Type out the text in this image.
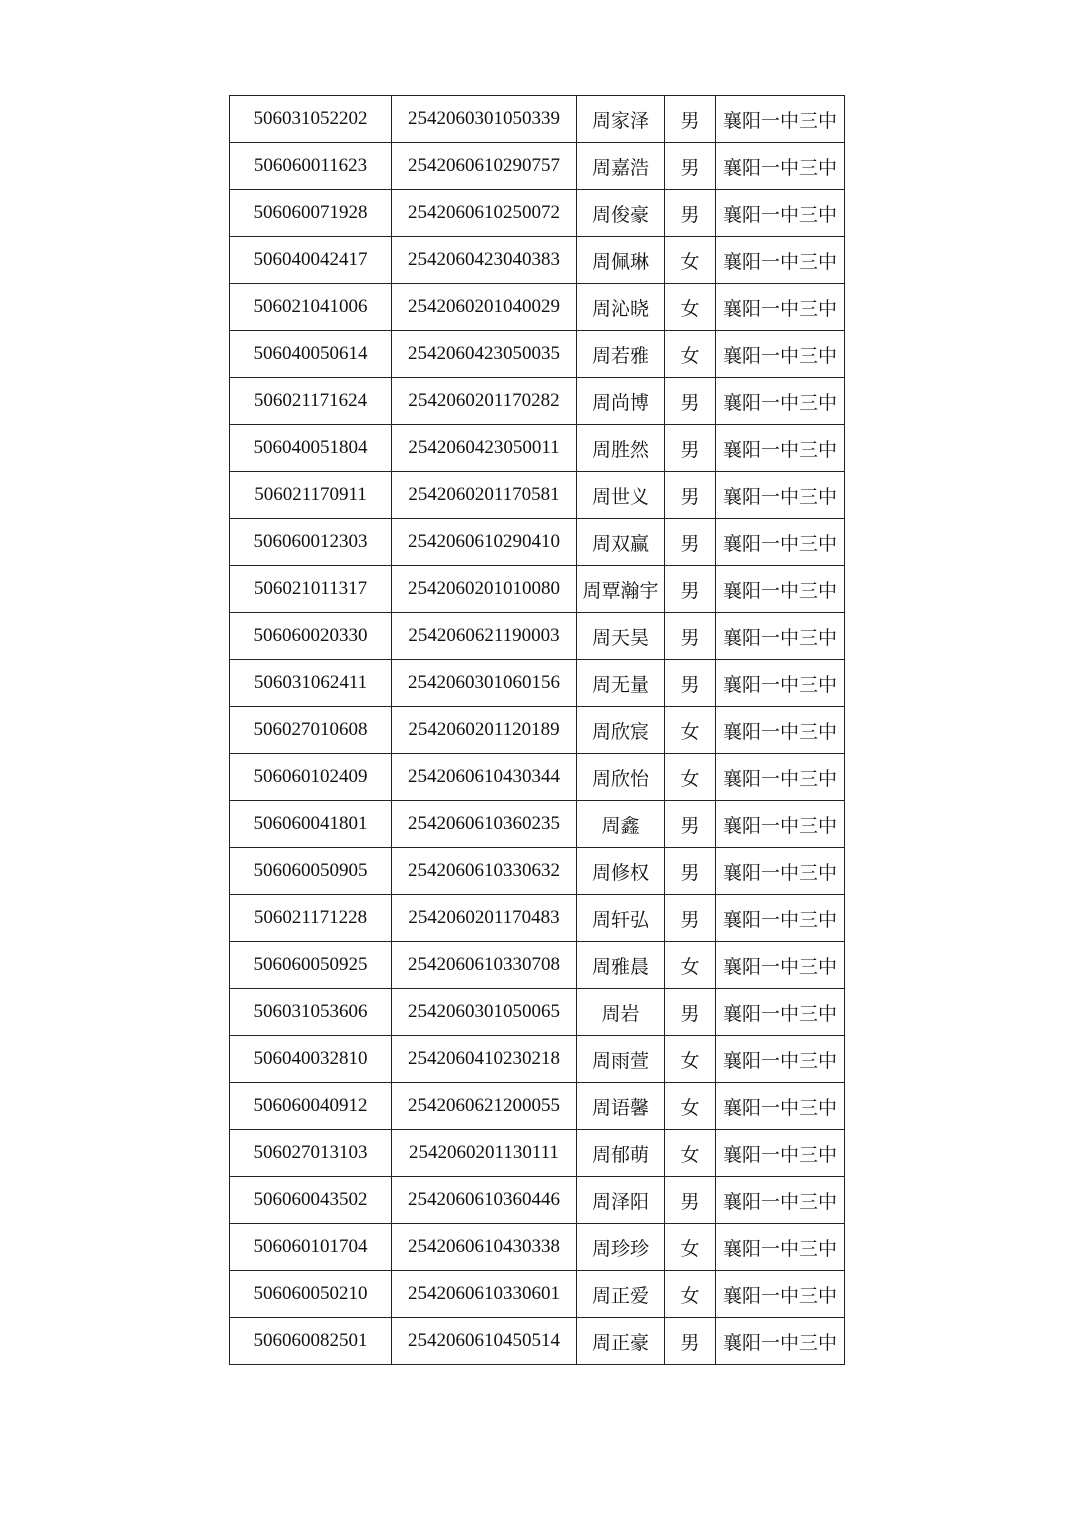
506031052202	2542060301050339	周家泽	男	襄阳一中三中
506060011623	2542060610290757	周嘉浩	男	襄阳一中三中
506060071928	2542060610250072	周俊豪	男	襄阳一中三中
506040042417	2542060423040383	周佩琳	女	襄阳一中三中
506021041006	2542060201040029	周沁晓	女	襄阳一中三中
506040050614	2542060423050035	周若雅	女	襄阳一中三中
506021171624	2542060201170282	周尚博	男	襄阳一中三中
506040051804	2542060423050011	周胜然	男	襄阳一中三中
506021170911	2542060201170581	周世义	男	襄阳一中三中
506060012303	2542060610290410	周双赢	男	襄阳一中三中
506021011317	2542060201010080	周覃瀚宇	男	襄阳一中三中
506060020330	2542060621190003	周天昊	男	襄阳一中三中
506031062411	2542060301060156	周无量	男	襄阳一中三中
506027010608	2542060201120189	周欣宸	女	襄阳一中三中
506060102409	2542060610430344	周欣怡	女	襄阳一中三中
506060041801	2542060610360235	周鑫	男	襄阳一中三中
506060050905	2542060610330632	周修权	男	襄阳一中三中
506021171228	2542060201170483	周轩弘	男	襄阳一中三中
506060050925	2542060610330708	周雅晨	女	襄阳一中三中
506031053606	2542060301050065	周岩	男	襄阳一中三中
506040032810	2542060410230218	周雨萱	女	襄阳一中三中
506060040912	2542060621200055	周语馨	女	襄阳一中三中
506027013103	2542060201130111	周郁萌	女	襄阳一中三中
506060043502	2542060610360446	周泽阳	男	襄阳一中三中
506060101704	2542060610430338	周珍珍	女	襄阳一中三中
506060050210	2542060610330601	周正爱	女	襄阳一中三中
506060082501	2542060610450514	周正豪	男	襄阳一中三中
